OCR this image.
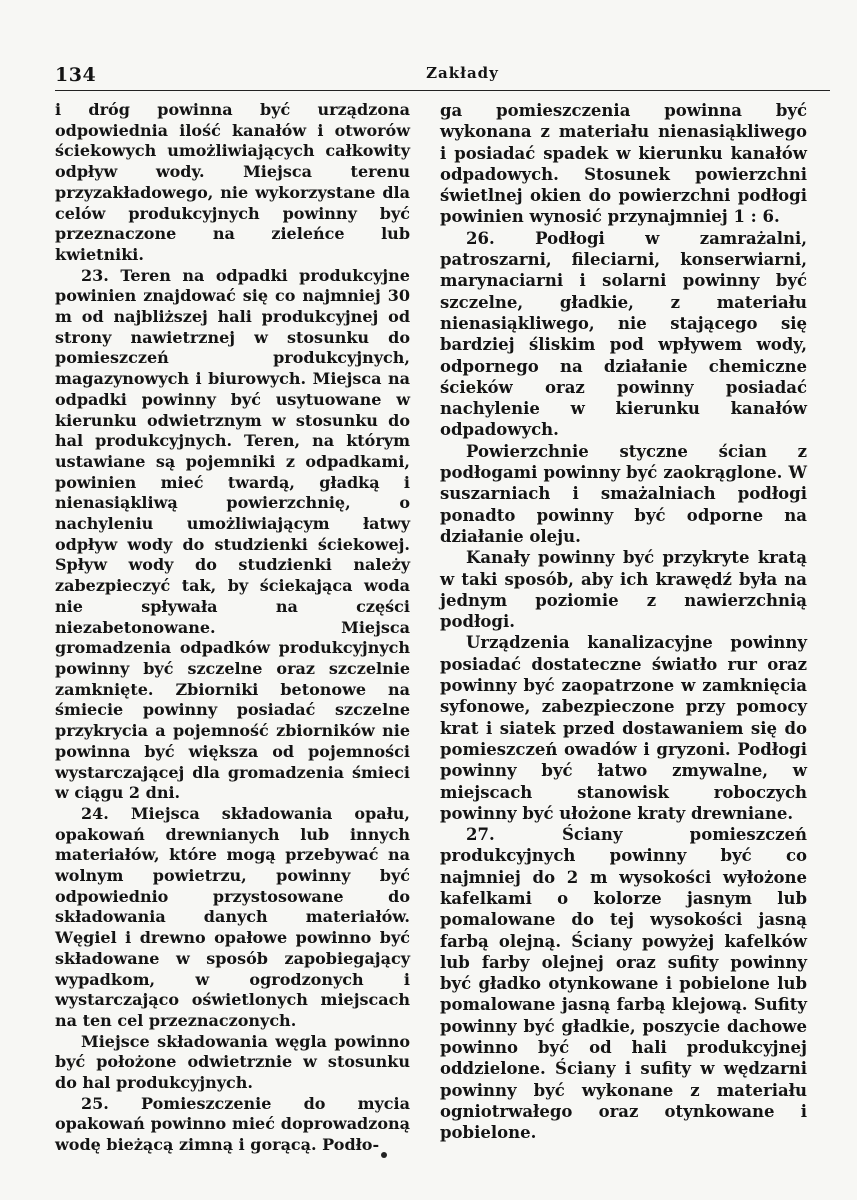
134	Zakłady

i dróg powinna być urządzona odpowiednia ilość kanałów i otworów ściekowych umożliwiających całkowity odpływ wody. Miejsca terenu przyzakładowego, nie wykorzystane dla celów produkcyjnych powinny być przeznaczone na zieleńce lub kwietniki.

23. Teren na odpadki produkcyjne powinien znajdować się co najmniej 30 m od najbliższej hali produkcyjnej od strony nawietrznej w stosunku do pomieszczeń produkcyjnych, magazynowych i biurowych. Miejsca na odpadki powinny być usytuowane w kierunku odwietrznym w stosunku do hal produkcyjnych. Teren, na którym ustawiane są pojemniki z odpadkami, powinien mieć twardą, gładką i nienasiąkliwą powierzchnię, o nachyleniu umożliwiającym łatwy odpływ wody do studzienki ściekowej. Spływ wody do studzienki należy zabezpieczyć tak, by ściekająca woda nie spływała na części niezabetonowane. Miejsca gromadzenia odpadków produkcyjnych powinny być szczelne oraz szczelnie zamknięte. Zbiorniki betonowe na śmiecie powinny posiadać szczelne przykrycia a pojemność zbiorników nie powinna być większa od pojemności wystarczającej dla gromadzenia śmieci w ciągu 2 dni.

24. Miejsca składowania opału, opakowań drewnianych lub innych materiałów, które mogą przebywać na wolnym powietrzu, powinny być odpowiednio przystosowane do składowania danych materiałów. Węgiel i drewno opałowe powinno być składowane w sposób zapobiegający wypadkom, w ogrodzonych i wystarczająco oświetlonych miejscach na ten cel przeznaczonych.

Miejsce składowania węgla powinno być położone odwietrznie w stosunku do hal produkcyjnych.

25. Pomieszczenie do mycia opakowań powinno mieć doprowadzoną wodę bieżącą zimną i gorącą. Podło-

ga pomieszczenia powinna być wykonana z materiału nienasiąkliwego i posiadać spadek w kierunku kanałów odpadowych. Stosunek powierzchni świetlnej okien do powierzchni podłogi powinien wynosić przynajmniej 1 : 6.

26. Podłogi w zamrażalni, patroszarni, fileciarni, konserwiarni, marynaciarni i solarni powinny być szczelne, gładkie, z materiału nienasiąkliwego, nie stającego się bardziej śliskim pod wpływem wody, odpornego na działanie chemiczne ścieków oraz powinny posiadać nachylenie w kierunku kanałów odpadowych.

Powierzchnie styczne ścian z podłogami powinny być zaokrąglone. W suszarniach i smażalniach podłogi ponadto powinny być odporne na działanie oleju.

Kanały powinny być przykryte kratą w taki sposób, aby ich krawędź była na jednym poziomie z nawierzchnią podłogi.

Urządzenia kanalizacyjne powinny posiadać dostateczne światło rur oraz powinny być zaopatrzone w zamknięcia syfonowe, zabezpieczone przy pomocy krat i siatek przed dostawaniem się do pomieszczeń owadów i gryzoni. Podłogi powinny być łatwo zmywalne, w miejscach stanowisk roboczych powinny być ułożone kraty drewniane.

27.	Ściany pomieszczeń produkcyjnych powinny być co najmniej do 2 m wysokości wyłożone kafelkami o kolorze jasnym lub pomalowane do tej wysokości jasną farbą olejną. Ściany powyżej kafelków lub farby olejnej oraz sufity powinny być gładko otynkowane i pobielone lub pomalowane jasną farbą klejową. Sufity powinny być gładkie, poszycie dachowe powinno być od hali produkcyjnej oddzielone. Ściany i sufity w wędzarni powinny być wykonane z materiału ogniotrwałego oraz otynkowane i pobielone.
